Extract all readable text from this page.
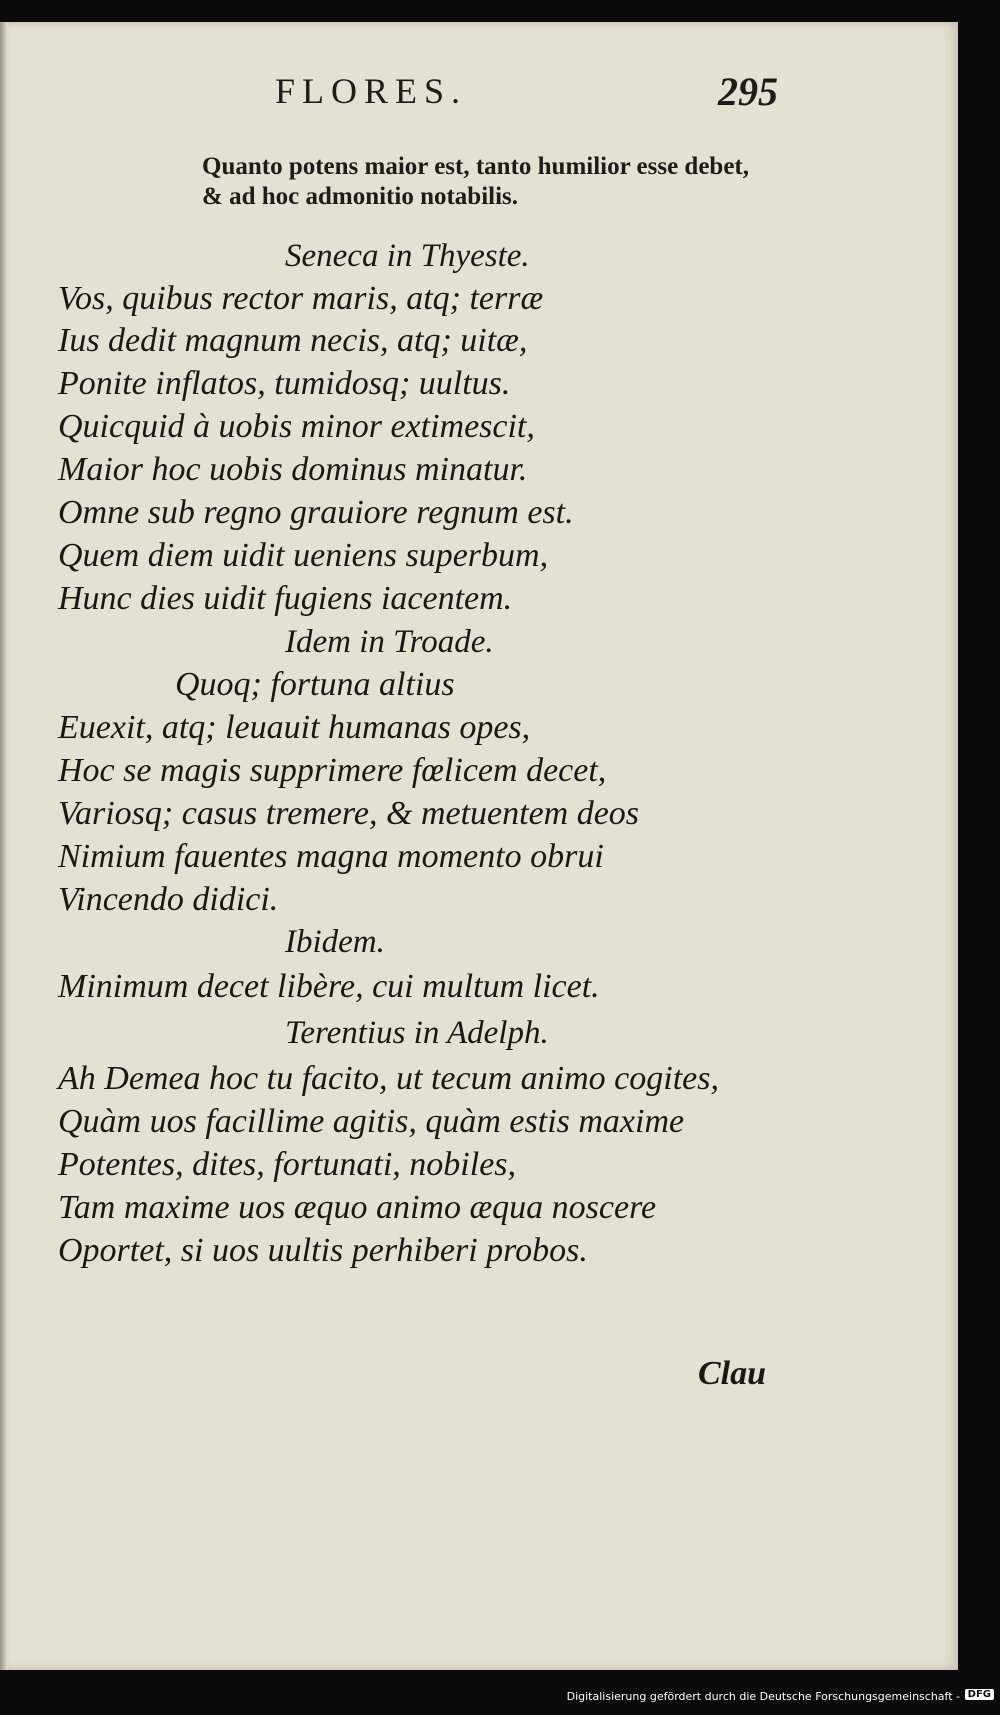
FLORES.	295
Quanto potens maior est, tanto humilior esse debet, & ad hoc admonitio notabilis.
Seneca in Thyeste.
Vos, quibus rector maris, atq; terræ
Ius dedit magnum necis, atq; uitæ,
Ponite inflatos, tumidosq; uultus.
Quicquid à uobis minor extimescit,
Maior hoc uobis dominus minatur.
Omne sub regno grauiore regnum est.
Quem diem uidit ueniens superbum,
Hunc dies uidit fugiens iacentem.
Idem in Troade.
Quoq; fortuna altius
Euexit, atq; leuauit humanas opes,
Hoc se magis supprimere fœlicem decet,
Variosq; casus tremere, & metuentem deos
Nimium fauentes magna momento obrui
Vincendo didici.
Ibidem.
Minimum decet libère, cui multum licet.
Terentius in Adelph.
Ah Demea hoc tu facito, ut tecum animo cogites,
Quàm uos facillime agitis, quàm estis maxime
Potentes, dites, fortunati, nobiles,
Tam maxime uos æquo animo æqua noscere
Oportet, si uos uultis perhiberi probos.
Clau
Digitalisierung gefördert durch die Deutsche Forschungsgemeinschaft - DFG
